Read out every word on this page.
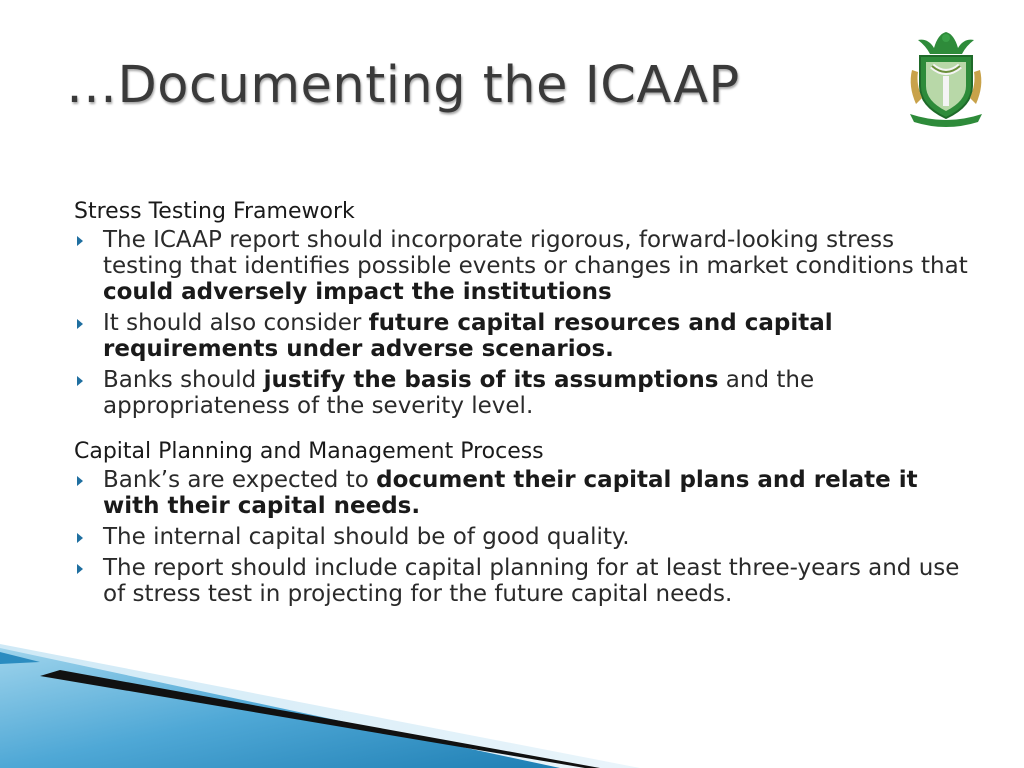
…Documenting the ICAAP

Stress Testing Framework

The ICAAP report should incorporate rigorous, forward-looking stress testing that identifies possible events or changes in market conditions that could adversely impact the institutions
It should also consider future capital resources and capital requirements under adverse scenarios.
Banks should justify the basis of its assumptions and the appropriateness of the severity level.

Capital Planning and Management Process

Bank’s are expected to document their capital plans and relate it with their capital needs.
The internal capital should be of good quality.
The report should include capital planning for at least three-years and use of stress test in projecting for the future capital needs.
